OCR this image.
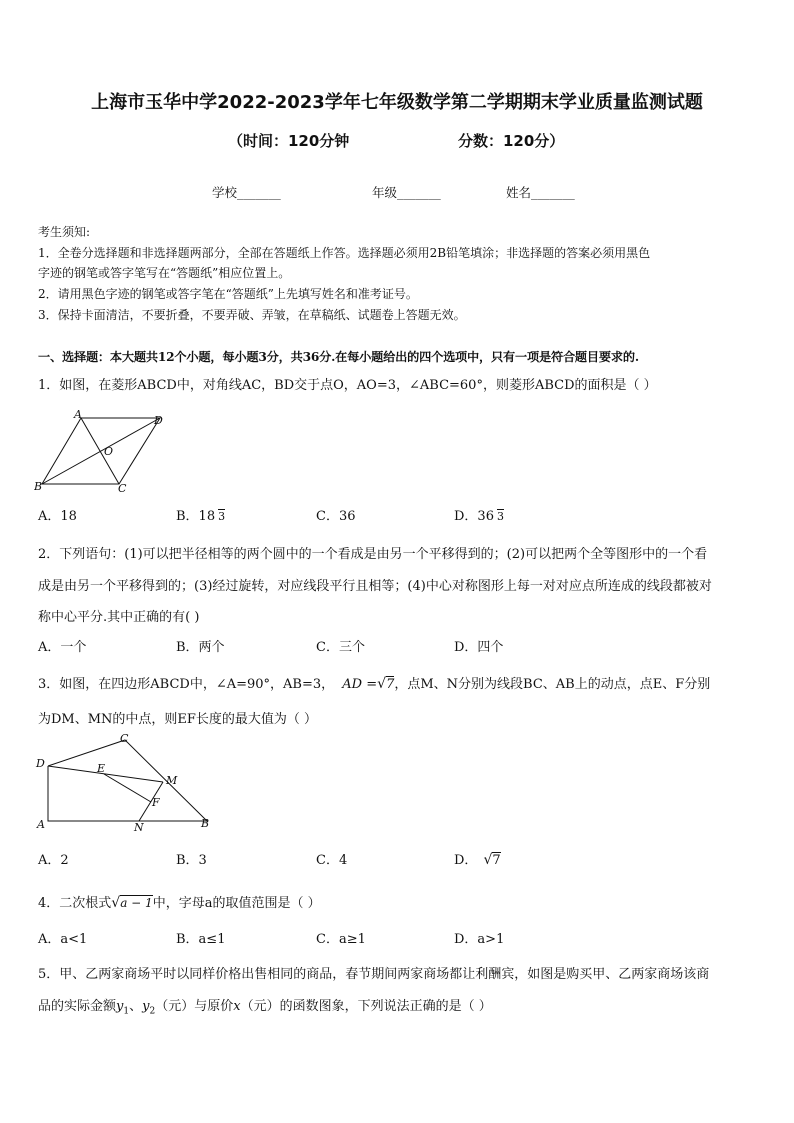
上海市玉华中学2022-2023学年七年级数学第二学期期末学业质量监测试题
（时间：120分钟	分数：120分）
学校_______	年级_______	姓名_______
考生须知:
1．全卷分选择题和非选择题两部分，全部在答题纸上作答。选择题必须用2B铅笔填涂；非选择题的答案必须用黑色
字迹的钢笔或答字笔写在“答题纸”相应位置上。
2．请用黑色字迹的钢笔或答字笔在“答题纸”上先填写姓名和准考证号。
3．保持卡面清洁，不要折叠，不要弄破、弄皱，在草稿纸、试题卷上答题无效。
一、选择题：本大题共12个小题，每小题3分，共36分.在每小题给出的四个选项中，只有一项是符合题目要求的.
1．如图，在菱形ABCD中，对角线AC，BD交于点O，AO=3，∠ABC=60°，则菱形ABCD的面积是（ ）
A	D
B	C
O
A．18	B．18 3	C．36	D．36 3
2．下列语句：(1)可以把半径相等的两个圆中的一个看成是由另一个平移得到的；(2)可以把两个全等图形中的一个看
成是由另一个平移得到的；(3)经过旋转，对应线段平行且相等；(4)中心对称图形上每一对对应点所连成的线段都被对
称中心平分.其中正确的有( )
A．一个	B．两个	C．三个	D．四个
3．如图，在四边形ABCD中，∠A=90°，AB=3， AD =√7，点M、N分别为线段BC、AB上的动点，点E、F分别
为DM、MN的中点，则EF长度的最大值为（ ）
C
D	E
M
F
A	N	B
A．2	B．3	C．4	D． √7
4．二次根式√a − 1中，字母a的取值范围是（ ）
A．a<1	B．a≤1	C．a≥1	D．a>1
5．甲、乙两家商场平时以同样价格出售相同的商品，春节期间两家商场都让利酬宾，如图是购买甲、乙两家商场该商
品的实际金额$y_1$、$y_2$（元）与原价x（元）的函数图象，下列说法正确的是（ ）
